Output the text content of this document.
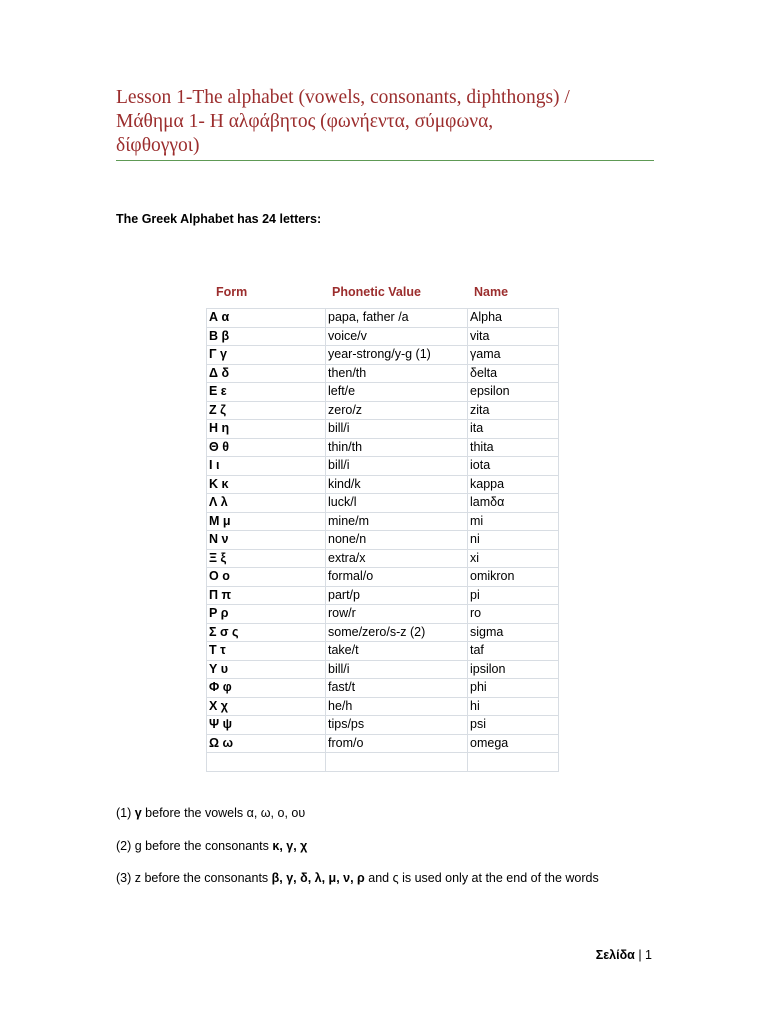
Lesson 1-The alphabet (vowels, consonants, diphthongs) /
Μάθημα 1- Η αλφάβητος (φωνήεντα, σύμφωνα,
δίφθογγοι)
The Greek Alphabet has 24 letters:
Form	Phonetic Value	Name
Α α	papa, father /a	Alpha
Β β	voice/v	vita
Γ γ	year-strong/y-g (1)	γama
Δ δ	then/th	δelta
Ε ε	left/e	epsilon
Ζ ζ	zero/z	zita
Η η	bill/i	ita
Θ θ	thin/th	thita
Ι ι	bill/i	iota
Κ κ	kind/k	kappa
Λ λ	luck/l	lamδα
Μ μ	mine/m	mi
Ν ν	none/n	ni
Ξ ξ	extra/x	xi
Ο ο	formal/o	omikron
Π π	part/p	pi
Ρ ρ	row/r	ro
Σ σ ς	some/zero/s-z (2)	sigma
Τ τ	take/t	taf
Υ υ	bill/i	ipsilon
Φ φ	fast/t	phi
Χ χ	he/h	hi
Ψ ψ	tips/ps	psi
Ω ω	from/o	omega

(1) γ before the vowels α, ω, ο, ου
(2) g before the consonants κ, γ, χ
(3) z before the consonants β, γ, δ, λ, μ, ν, ρ and ς is used only at the end of the words
Σελίδα | 1
